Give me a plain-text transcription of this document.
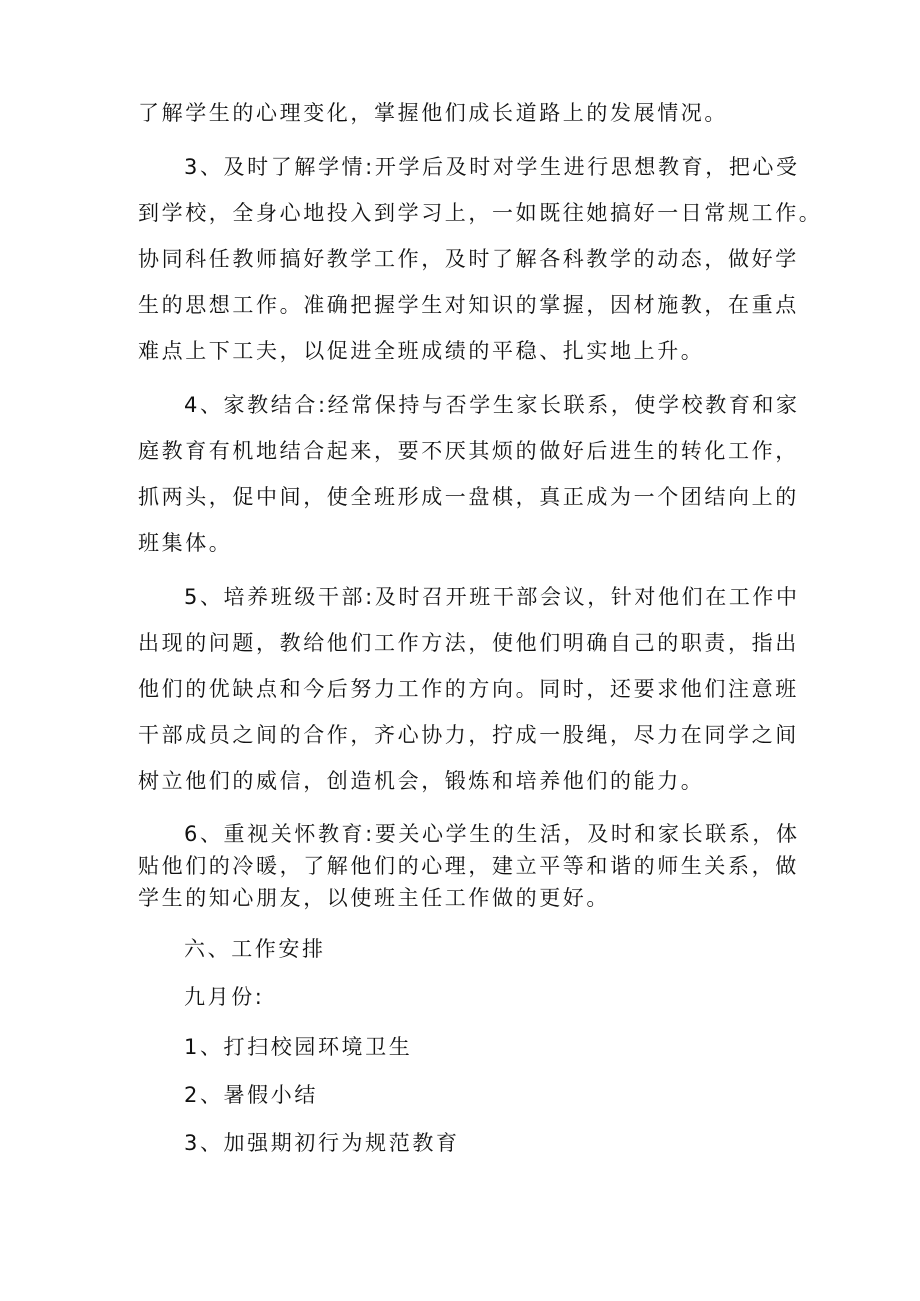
了解学生的心理变化，掌握他们成长道路上的发展情况。
3、及时了解学情:开学后及时对学生进行思想教育，把心受
到学校，全身心地投入到学习上，一如既往她搞好一日常规工作。
协同科任教师搞好教学工作，及时了解各科教学的动态，做好学
生的思想工作。准确把握学生对知识的掌握，因材施教，在重点
难点上下工夫，以促进全班成绩的平稳、扎实地上升。
4、家教结合:经常保持与否学生家长联系，使学校教育和家
庭教育有机地结合起来，要不厌其烦的做好后进生的转化工作，
抓两头，促中间，使全班形成一盘棋，真正成为一个团结向上的
班集体。
5、培养班级干部:及时召开班干部会议，针对他们在工作中
出现的问题，教给他们工作方法，使他们明确自己的职责，指出
他们的优缺点和今后努力工作的方向。同时，还要求他们注意班
干部成员之间的合作，齐心协力，拧成一股绳，尽力在同学之间
树立他们的威信，创造机会，锻炼和培养他们的能力。
6、重视关怀教育:要关心学生的生活，及时和家长联系，体
贴他们的冷暖，了解他们的心理，建立平等和谐的师生关系，做
学生的知心朋友，以使班主任工作做的更好。
六、工作安排
九月份:
1、打扫校园环境卫生
2、暑假小结
3、加强期初行为规范教育
